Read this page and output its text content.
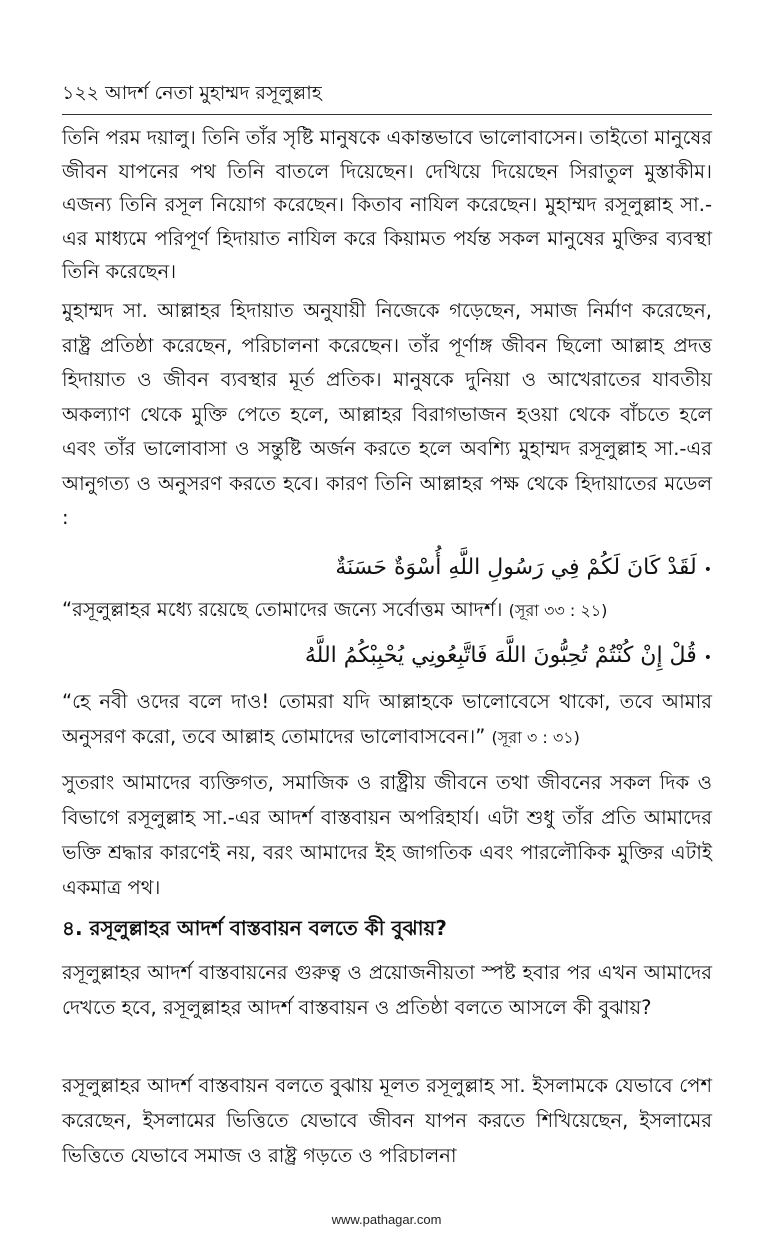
১২২ আদর্শ নেতা মুহাম্মদ রসূলুল্লাহ

তিনি পরম দয়ালু। তিনি তাঁর সৃষ্টি মানুষকে একান্তভাবে ভালোবাসেন। তাইতো মানুষের জীবন যাপনের পথ তিনি বাতলে দিয়েছেন। দেখিয়ে দিয়েছেন সিরাতুল মুস্তাকীম। এজন্য তিনি রসূল নিয়োগ করেছেন। কিতাব নাযিল করেছেন। মুহাম্মদ রসূলুল্লাহ সা.-এর মাধ্যমে পরিপূর্ণ হিদায়াত নাযিল করে কিয়ামত পর্যন্ত সকল মানুষের মুক্তির ব্যবস্থা তিনি করেছেন।

মুহাম্মদ সা. আল্লাহর হিদায়াত অনুযায়ী নিজেকে গড়েছেন, সমাজ নির্মাণ করেছেন, রাষ্ট্র প্রতিষ্ঠা করেছেন, পরিচালনা করেছেন। তাঁর পূর্ণাঙ্গ জীবন ছিলো আল্লাহ প্রদত্ত হিদায়াত ও জীবন ব্যবস্থার মূর্ত প্রতিক। মানুষকে দুনিয়া ও আখেরাতের যাবতীয় অকল্যাণ থেকে মুক্তি পেতে হলে, আল্লাহর বিরাগভাজন হওয়া থেকে বাঁচতে হলে এবং তাঁর ভালোবাসা ও সন্তুষ্টি অর্জন করতে হলে অবশ্যি মুহাম্মদ রসূলুল্লাহ সা.-এর আনুগত্য ও অনুসরণ করতে হবে। কারণ তিনি আল্লাহর পক্ষ থেকে হিদায়াতের মডেল :

• لَقَدْ كَانَ لَكُمْ فِي رَسُولِ اللَّهِ أُسْوَةٌ حَسَنَةٌ

“রসূলুল্লাহর মধ্যে রয়েছে তোমাদের জন্যে সর্বোত্তম আদর্শ। (সূরা ৩৩ : ২১)

• قُلْ إِنْ كُنْتُمْ تُحِبُّونَ اللَّهَ فَاتَّبِعُونِي يُحْبِبْكُمُ اللَّهُ

“হে নবী ওদের বলে দাও! তোমরা যদি আল্লাহকে ভালোবেসে থাকো, তবে আমার অনুসরণ করো, তবে আল্লাহ তোমাদের ভালোবাসবেন।” (সূরা ৩ : ৩১)

সুতরাং আমাদের ব্যক্তিগত, সমাজিক ও রাষ্ট্রীয় জীবনে তথা জীবনের সকল দিক ও বিভাগে রসূলুল্লাহ সা.-এর আদর্শ বাস্তবায়ন অপরিহার্য। এটা শুধু তাঁর প্রতি আমাদের ভক্তি শ্রদ্ধার কারণেই নয়, বরং আমাদের ইহ জাগতিক এবং পারলৌকিক মুক্তির এটাই একমাত্র পথ।

৪. রসূলুল্লাহর আদর্শ বাস্তবায়ন বলতে কী বুঝায়?

রসূলুল্লাহর আদর্শ বাস্তবায়নের গুরুত্ব ও প্রয়োজনীয়তা স্পষ্ট হবার পর এখন আমাদের দেখতে হবে, রসূলুল্লাহর আদর্শ বাস্তবায়ন ও প্রতিষ্ঠা বলতে আসলে কী বুঝায়?

রসূলুল্লাহর আদর্শ বাস্তবায়ন বলতে বুঝায় মূলত রসূলুল্লাহ সা. ইসলামকে যেভাবে পেশ করেছেন, ইসলামের ভিত্তিতে যেভাবে জীবন যাপন করতে শিখিয়েছেন, ইসলামের ভিত্তিতে যেভাবে সমাজ ও রাষ্ট্র গড়তে ও পরিচালনা

www.pathagar.com
